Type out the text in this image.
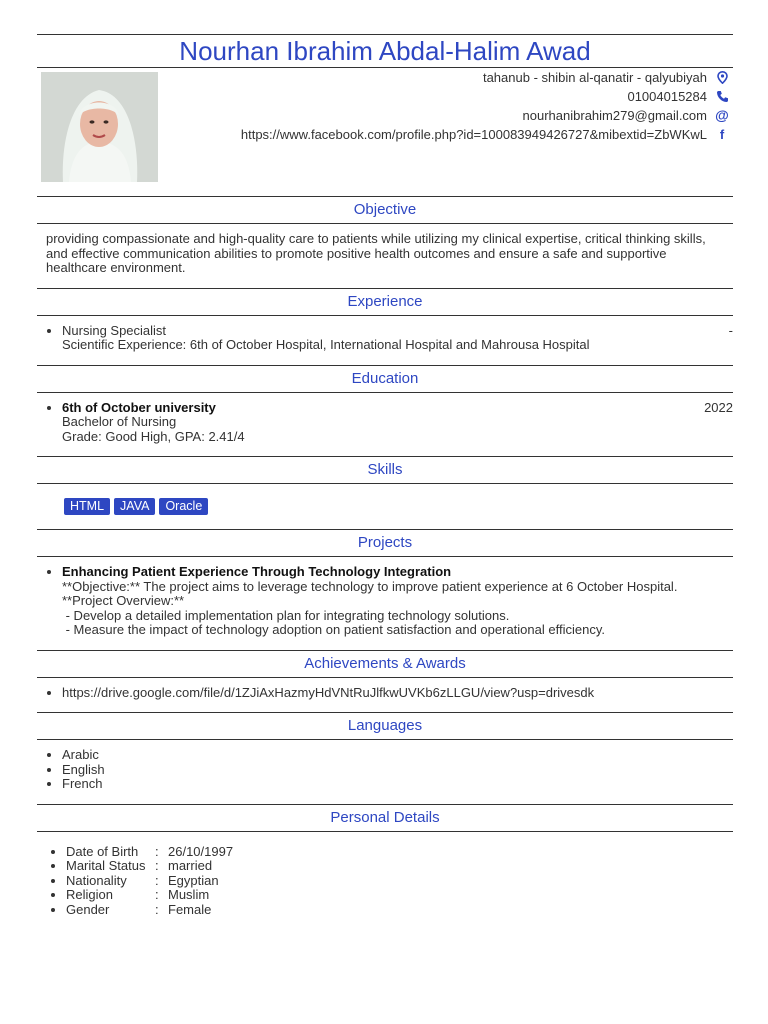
Nourhan Ibrahim Abdal-Halim Awad
tahanub - shibin al-qanatir - qalyubiyah
01004015284
nourhanibrahim279@gmail.com @
https://www.facebook.com/profile.php?id=100083949426727&mibextid=ZbWKwL f
Objective

providing compassionate and high-quality care to patients while utilizing my clinical expertise, critical thinking skills, and effective communication abilities to promote positive health outcomes and ensure a safe and supportive healthcare environment.

Experience
• Nursing Specialist	-
Scientific Experience: 6th of October Hospital, International Hospital and Mahrousa Hospital
Education
• 6th of October university	2022
Bachelor of Nursing
Grade: Good High, GPA: 2.41/4
Skills
HTML	JAVA	Oracle
Projects
• Enhancing Patient Experience Through Technology Integration
**Objective:** The project aims to leverage technology to improve patient experience at 6 October Hospital.
**Project Overview:**
- Develop a detailed implementation plan for integrating technology solutions.
- Measure the impact of technology adoption on patient satisfaction and operational efficiency.
Achievements & Awards
• https://drive.google.com/file/d/1ZJiAxHazmyHdVNtRuJlfkwUVKb6zLLGU/view?usp=drivesdk
Languages
• Arabic
• English
• French
Personal Details
• Date of Birth	: 26/10/1997
• Marital Status : married
• Nationality	: Egyptian
• Religion	: Muslim
• Gender	: Female
